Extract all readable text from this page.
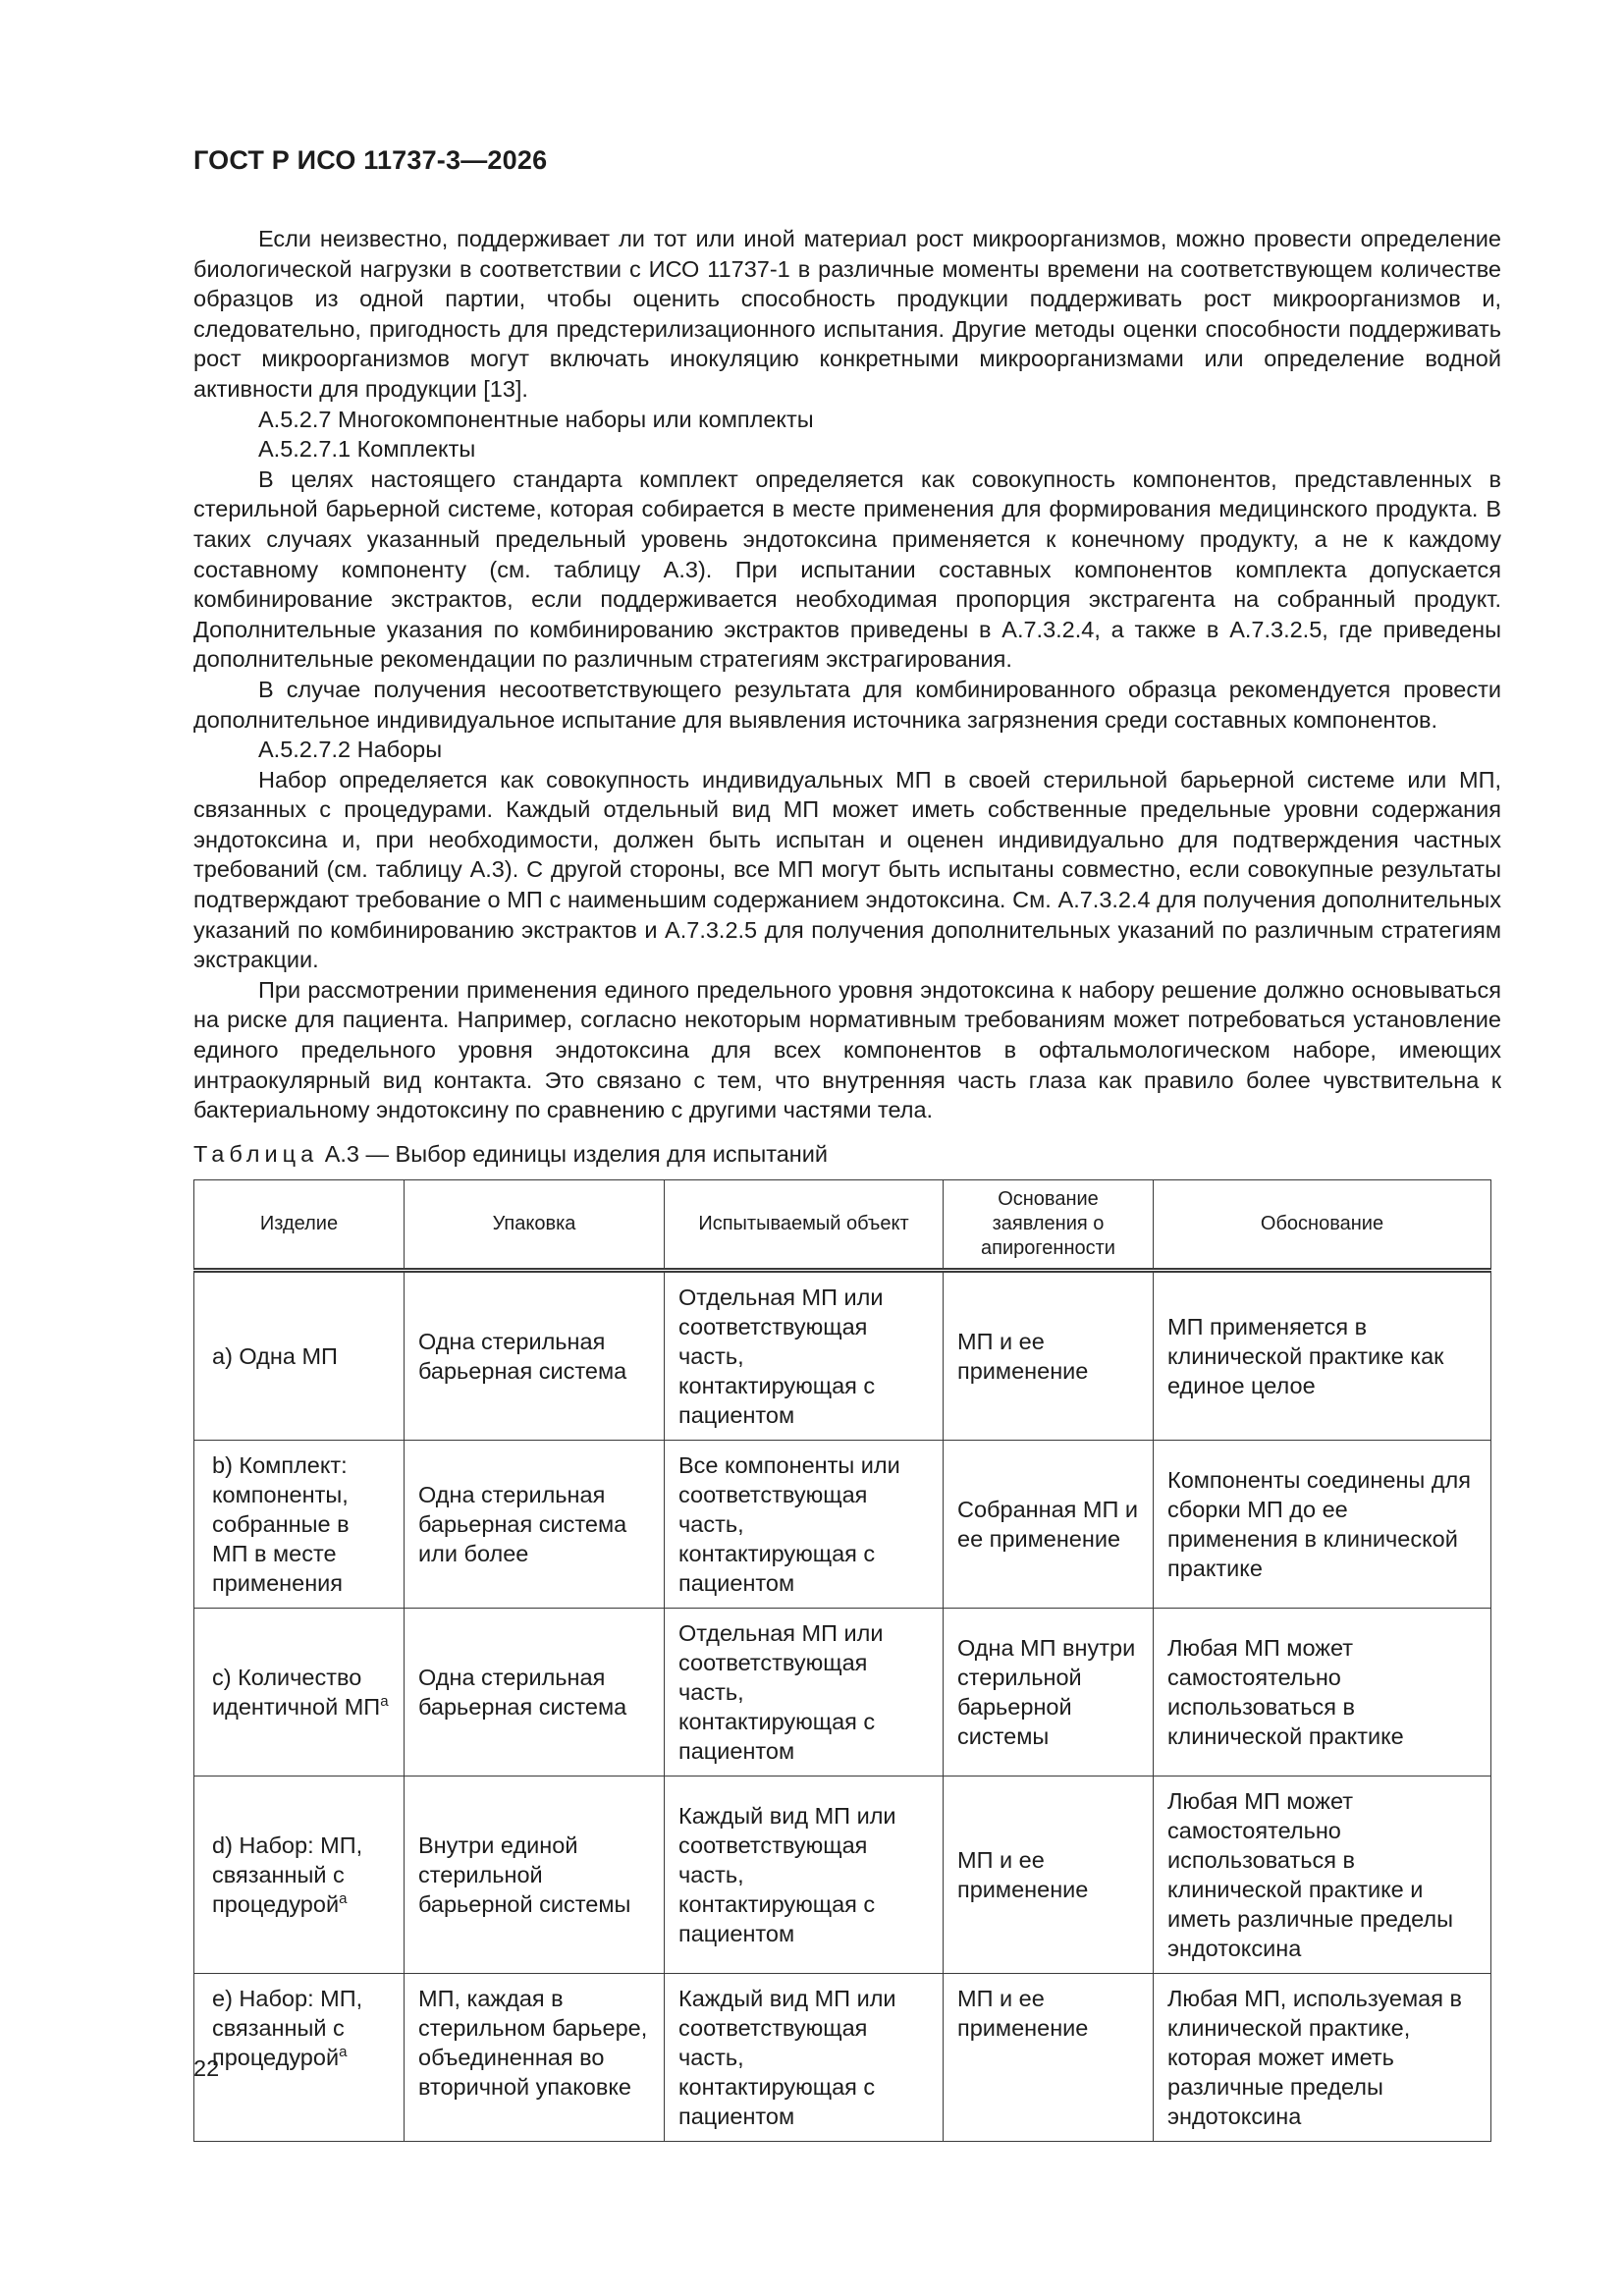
ГОСТ Р ИСО 11737-3—2026

Если неизвестно, поддерживает ли тот или иной материал рост микроорганизмов, можно провести определение биологической нагрузки в соответствии с ИСО 11737-1 в различные моменты времени на соответствующем количестве образцов из одной партии, чтобы оценить способность продукции поддерживать рост микроорганизмов и, следовательно, пригодность для предстерилизационного испытания. Другие методы оценки способности поддерживать рост микроорганизмов могут включать инокуляцию конкретными микроорганизмами или определение водной активности для продукции [13].

А.5.2.7 Многокомпонентные наборы или комплекты

А.5.2.7.1 Комплекты

В целях настоящего стандарта комплект определяется как совокупность компонентов, представленных в стерильной барьерной системе, которая собирается в месте применения для формирования медицинского продукта. В таких случаях указанный предельный уровень эндотоксина применяется к конечному продукту, а не к каждому составному компоненту (см. таблицу А.3). При испытании составных компонентов комплекта допускается комбинирование экстрактов, если поддерживается необходимая пропорция экстрагента на собранный продукт. Дополнительные указания по комбинированию экстрактов приведены в А.7.3.2.4, а также в А.7.3.2.5, где приведены дополнительные рекомендации по различным стратегиям экстрагирования.

В случае получения несоответствующего результата для комбинированного образца рекомендуется провести дополнительное индивидуальное испытание для выявления источника загрязнения среди составных компонентов.

А.5.2.7.2 Наборы

Набор определяется как совокупность индивидуальных МП в своей стерильной барьерной системе или МП, связанных с процедурами. Каждый отдельный вид МП может иметь собственные предельные уровни содержания эндотоксина и, при необходимости, должен быть испытан и оценен индивидуально для подтверждения частных требований (см. таблицу А.3). С другой стороны, все МП могут быть испытаны совместно, если совокупные результаты подтверждают требование о МП с наименьшим содержанием эндотоксина. См. А.7.3.2.4 для получения дополнительных указаний по комбинированию экстрактов и А.7.3.2.5 для получения дополнительных указаний по различным стратегиям экстракции.

При рассмотрении применения единого предельного уровня эндотоксина к набору решение должно основываться на риске для пациента. Например, согласно некоторым нормативным требованиям может потребоваться установление единого предельного уровня эндотоксина для всех компонентов в офтальмологическом наборе, имеющих интраокулярный вид контакта. Это связано с тем, что внутренняя часть глаза как правило более чувствительна к бактериальному эндотоксину по сравнению с другими частями тела.

Таблица А.3 — Выбор единицы изделия для испытаний
Изделие	Упаковка	Испытываемый объект	Основание заявления о апирогенности	Обоснование
a) Одна МП	Одна стерильная барьерная система	Отдельная МП или соответствующая часть, контактирующая с пациентом	МП и ее применение	МП применяется в клинической практике как единое целое
b) Комплект: компоненты, собранные в МП в месте применения	Одна стерильная барьерная система или более	Все компоненты или соответствующая часть, контактирующая с пациентом	Собранная МП и ее применение	Компоненты соединены для сборки МП до ее применения в клинической практике
c) Количество идентичной МП$^a$	Одна стерильная барьерная система	Отдельная МП или соответствующая часть, контактирующая с пациентом	Одна МП внутри стерильной барьерной системы	Любая МП может самостоятельно использоваться в клинической практике
d) Набор: МП, связанный с процедурой$^a$	Внутри единой стерильной барьерной системы	Каждый вид МП или соответствующая часть, контактирующая с пациентом	МП и ее применение	Любая МП может самостоятельно использоваться в клинической практике и иметь различные пределы эндотоксина
e) Набор: МП, связанный с процедурой$^a$	МП, каждая в стерильном барьере, объединенная во вторичной упаковке	Каждый вид МП или соответствующая часть, контактирующая с пациентом	МП и ее применение	Любая МП, используемая в клинической практике, которая может иметь различные пределы эндотоксина
22
